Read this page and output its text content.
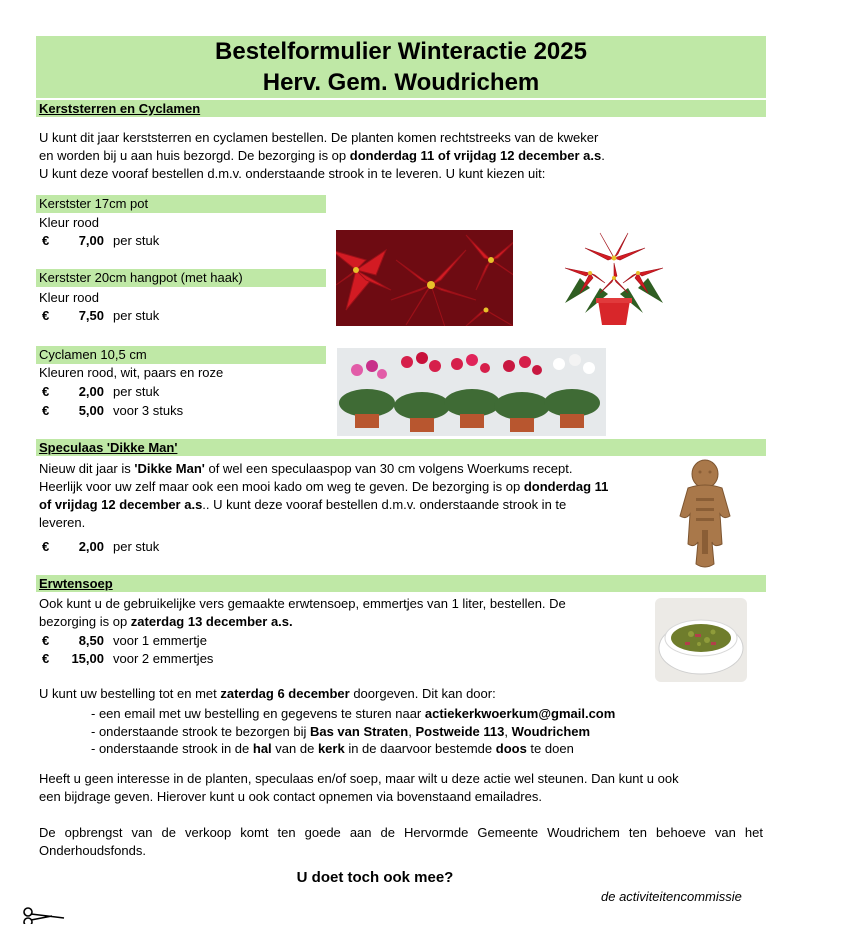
Bestelformulier Winteractie 2025
Herv. Gem. Woudrichem
Kerststerren en Cyclamen
U kunt dit jaar kerststerren en cyclamen bestellen. De planten komen rechtstreeks van de kweker
en worden bij u aan huis bezorgd. De bezorging is op donderdag 11 of vrijdag 12 december a.s.
U kunt deze vooraf bestellen d.m.v. onderstaande strook in te leveren. U kunt kiezen uit:
Kerstster 17cm pot
Kleur rood
€ 7,00 per stuk
Kerstster 20cm hangpot (met haak)
Kleur rood
€ 7,50 per stuk
Cyclamen 10,5 cm
Kleuren rood, wit, paars en roze
€ 2,00 per stuk
€ 5,00 voor 3 stuks
Speculaas 'Dikke Man'
Nieuw dit jaar is 'Dikke Man' of wel een speculaaspop van 30 cm volgens Woerkums recept.
Heerlijk voor uw zelf maar ook een mooi kado om weg te geven. De bezorging is op donderdag 11
of vrijdag 12 december a.s.. U kunt deze vooraf bestellen d.m.v. onderstaande strook in te
leveren.
€ 2,00 per stuk
Erwtensoep
Ook kunt u de gebruikelijke vers gemaakte erwtensoep, emmertjes van 1 liter, bestellen. De
bezorging is op zaterdag 13 december a.s.
€ 8,50 voor 1 emmertje
€ 15,00 voor 2 emmertjes
U kunt uw bestelling tot en met zaterdag 6 december doorgeven. Dit kan door:
- een email met uw bestelling en gegevens te sturen naar actiekerkwoerkum@gmail.com
- onderstaande strook te bezorgen bij Bas van Straten, Postweide 113, Woudrichem
- onderstaande strook in de hal van de kerk in de daarvoor bestemde doos te doen
Heeft u geen interesse in de planten, speculaas en/of soep, maar wilt u deze actie wel steunen. Dan kunt u ook
een bijdrage geven. Hierover kunt u ook contact opnemen via bovenstaand emailadres.
De opbrengst van de verkoop komt ten goede aan de Hervormde Gemeente Woudrichem ten behoeve van het
Onderhoudsfonds.
U doet toch ook mee?
de activiteitencommissie
